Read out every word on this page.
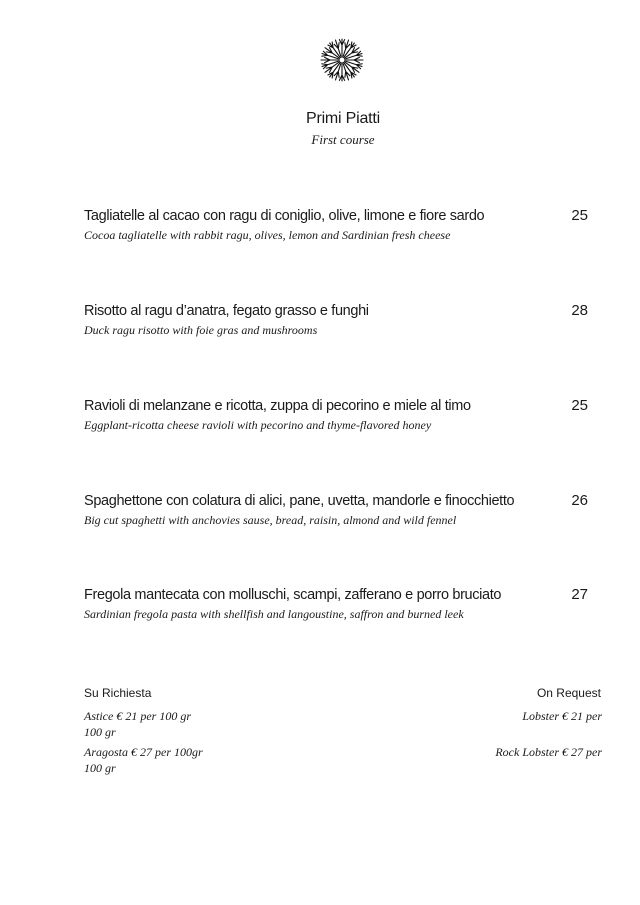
Primi Piatti
First course
Tagliatelle al cacao con ragu di coniglio, olive, limone e fiore sardo
Cocoa tagliatelle with rabbit ragu, olives, lemon and Sardinian fresh cheese
25
Risotto al ragu d’anatra, fegato grasso e funghi
Duck ragu risotto with foie gras and mushrooms
28
Ravioli di melanzane e ricotta, zuppa di pecorino e miele al timo
Eggplant-ricotta cheese ravioli with pecorino and thyme-flavored honey
25
Spaghettone con colatura di alici, pane, uvetta, mandorle e finocchietto
Big cut spaghetti with anchovies sause, bread, raisin, almond and wild fennel
26
Fregola mantecata con molluschi, scampi, zafferano e porro bruciato
Sardinian fregola pasta with shellfish and langoustine, saffron and burned leek
27
Su Richiesta	On Request
Astice € 21 per 100 gr
100 gr
Aragosta € 27 per 100gr
100 gr
Lobster € 21 per
Rock Lobster € 27 per
